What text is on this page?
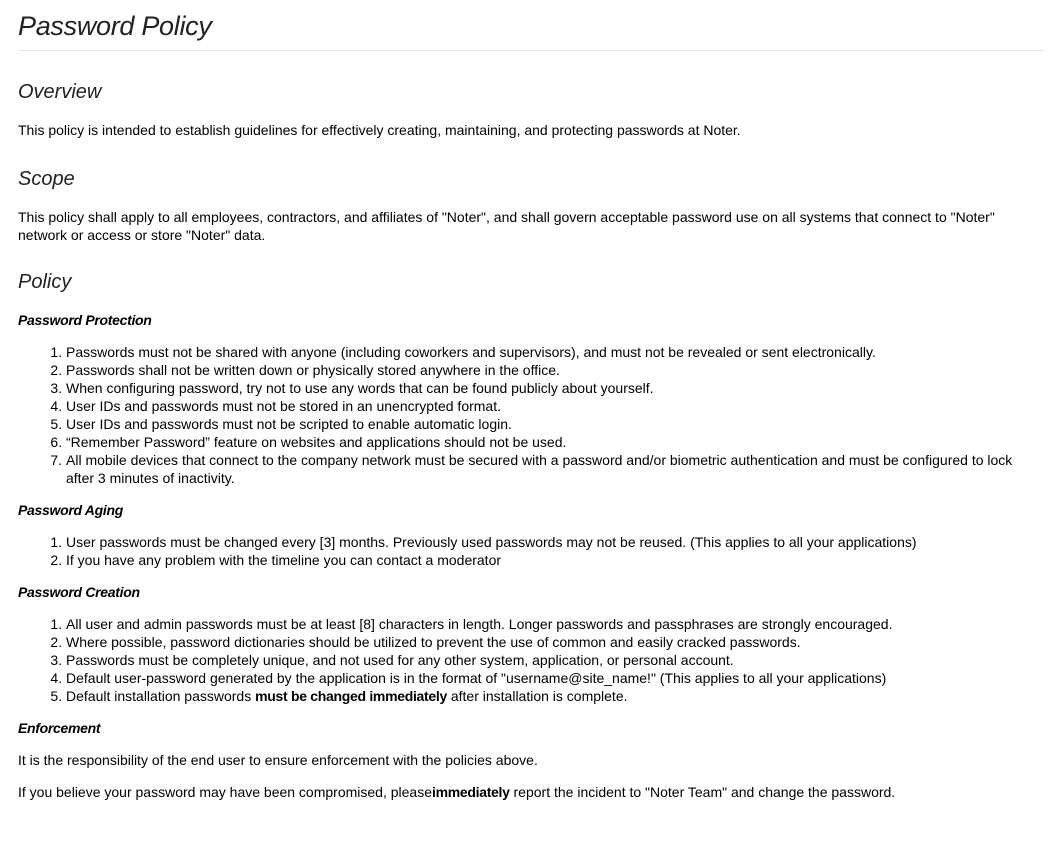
Password Policy
Overview

This policy is intended to establish guidelines for effectively creating, maintaining, and protecting passwords at Noter.

Scope

This policy shall apply to all employees, contractors, and affiliates of "Noter", and shall govern acceptable password use on all systems that connect to "Noter" network or access or store "Noter" data.

Policy
Password Protection
1. Passwords must not be shared with anyone (including coworkers and supervisors), and must not be revealed or sent electronically.
2. Passwords shall not be written down or physically stored anywhere in the office.
3. When configuring password, try not to use any words that can be found publicly about yourself.
4. User IDs and passwords must not be stored in an unencrypted format.
5. User IDs and passwords must not be scripted to enable automatic login.
6. “Remember Password” feature on websites and applications should not be used.
7. All mobile devices that connect to the company network must be secured with a password and/or biometric authentication and must be configured to lock after 3 minutes of inactivity.
Password Aging
1. User passwords must be changed every [3] months. Previously used passwords may not be reused. (This applies to all your applications)
2. If you have any problem with the timeline you can contact a moderator
Password Creation
1. All user and admin passwords must be at least [8] characters in length. Longer passwords and passphrases are strongly encouraged.
2. Where possible, password dictionaries should be utilized to prevent the use of common and easily cracked passwords.
3. Passwords must be completely unique, and not used for any other system, application, or personal account.
4. Default user-password generated by the application is in the format of "username@site_name!" (This applies to all your applications)
5. Default installation passwords must be changed immediately after installation is complete.
Enforcement

It is the responsibility of the end user to ensure enforcement with the policies above.

If you believe your password may have been compromised, pleaseimmediately report the incident to "Noter Team" and change the password.
